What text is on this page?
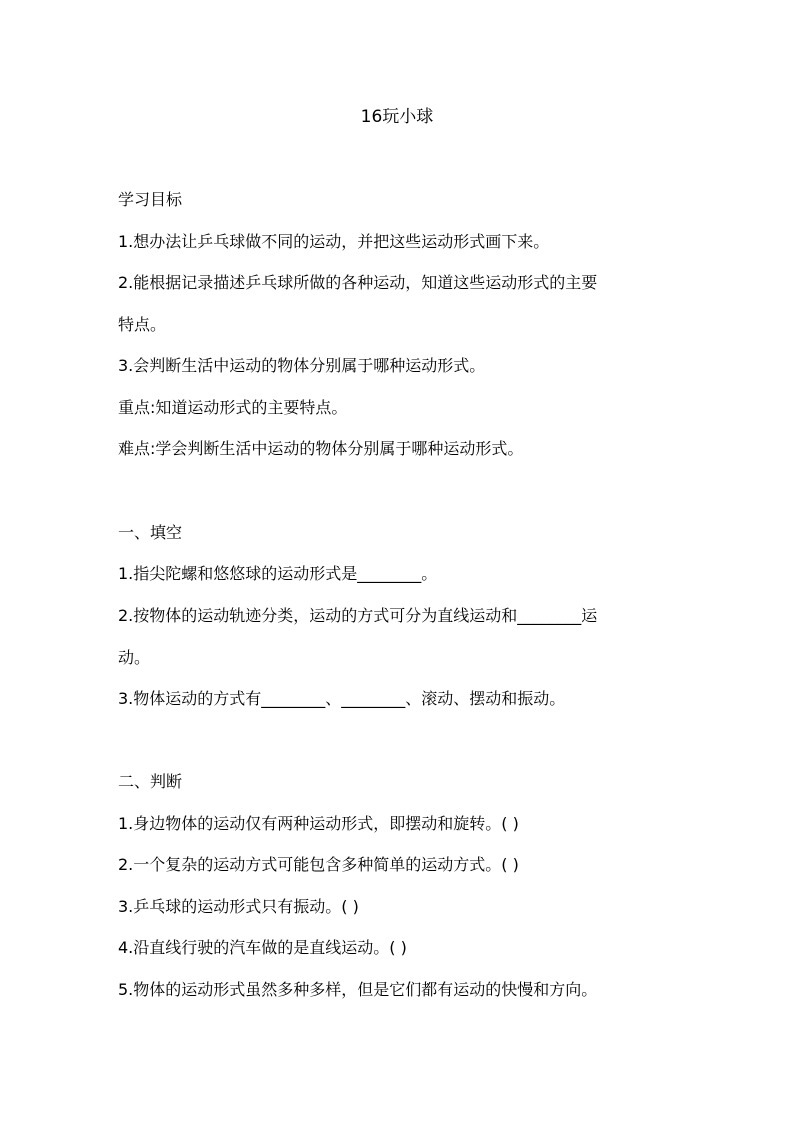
16玩小球
学习目标
1.想办法让乒乓球做不同的运动，并把这些运动形式画下来。
2.能根据记录描述乒乓球所做的各种运动，知道这些运动形式的主要
特点。
3.会判断生活中运动的物体分别属于哪种运动形式。
重点:知道运动形式的主要特点。
难点:学会判断生活中运动的物体分别属于哪种运动形式。
一、填空
1.指尖陀螺和悠悠球的运动形式是________。
2.按物体的运动轨迹分类，运动的方式可分为直线运动和________运
动。
3.物体运动的方式有________、________、滚动、摆动和振动。
二、判断
1.身边物体的运动仅有两种运动形式，即摆动和旋转。( )
2.一个复杂的运动方式可能包含多种简单的运动方式。( )
3.乒乓球的运动形式只有振动。( )
4.沿直线行驶的汽车做的是直线运动。( )
5.物体的运动形式虽然多种多样，但是它们都有运动的快慢和方向。
